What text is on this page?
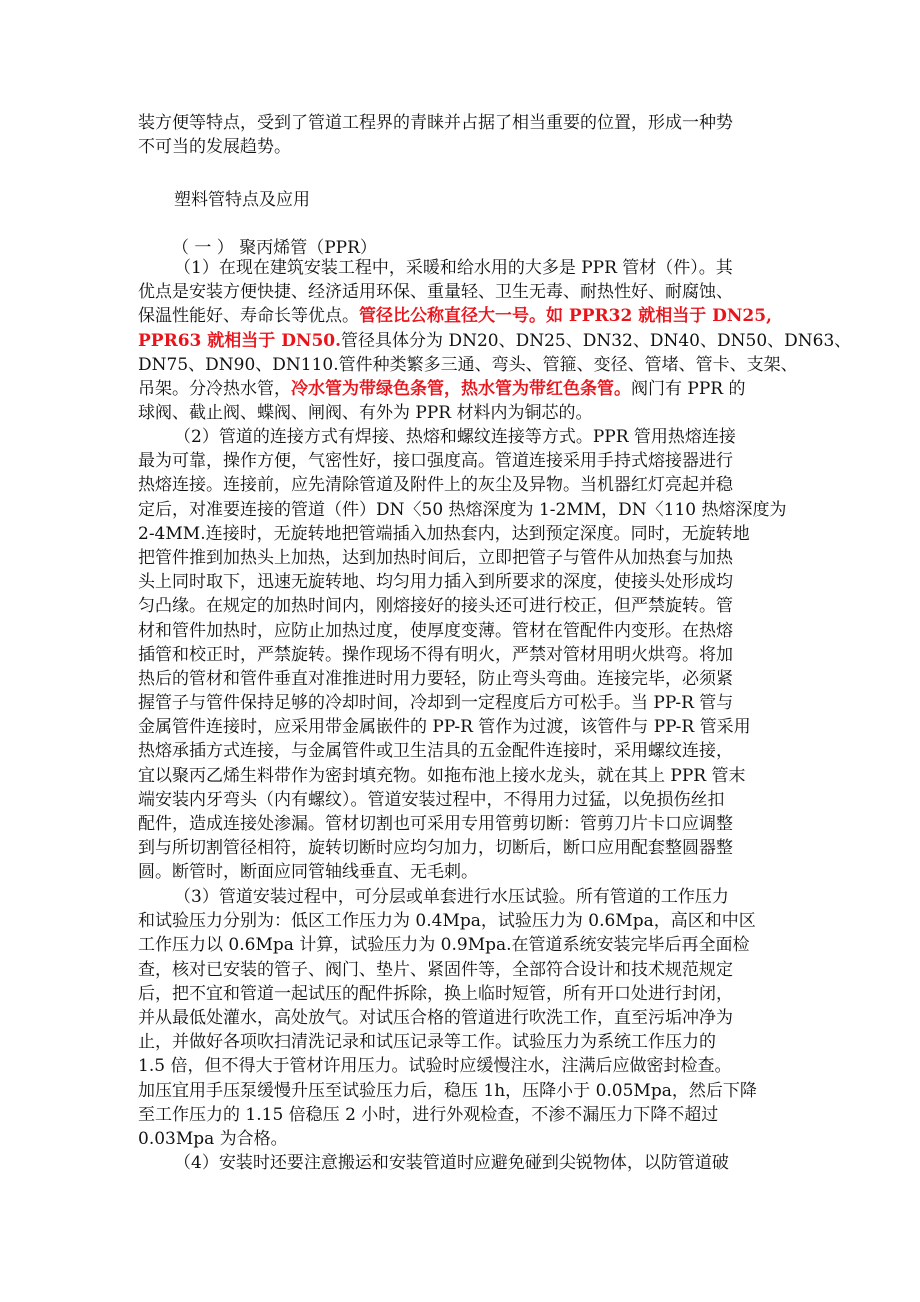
装方便等特点，受到了管道工程界的青睐并占据了相当重要的位置，形成一种势
不可当的发展趋势。
塑料管特点及应用
（ 一 ） 聚丙烯管（PPR）
（1）在现在建筑安装工程中，采暖和给水用的大多是 PPR 管材（件）。其
优点是安装方便快捷、经济适用环保、重量轻、卫生无毒、耐热性好、耐腐蚀、
保温性能好、寿命长等优点。管径比公称直径大一号。如 PPR32 就相当于 DN25,
PPR63 就相当于 DN50.管径具体分为 DN20、DN25、DN32、DN40、DN50、DN63、
DN75、DN90、DN110.管件种类繁多三通、弯头、管箍、变径、管堵、管卡、支架、
吊架。分冷热水管，冷水管为带绿色条管，热水管为带红色条管。阀门有 PPR 的
球阀、截止阀、蝶阀、闸阀、有外为 PPR 材料内为铜芯的。
（2）管道的连接方式有焊接、热熔和螺纹连接等方式。PPR 管用热熔连接
最为可靠，操作方便，气密性好，接口强度高。管道连接采用手持式熔接器进行
热熔连接。连接前，应先清除管道及附件上的灰尘及异物。当机器红灯亮起并稳
定后，对准要连接的管道（件）DN〈50 热熔深度为 1-2MM，DN〈110 热熔深度为
2-4MM.连接时，无旋转地把管端插入加热套内，达到预定深度。同时，无旋转地
把管件推到加热头上加热，达到加热时间后，立即把管子与管件从加热套与加热
头上同时取下，迅速无旋转地、均匀用力插入到所要求的深度，使接头处形成均
匀凸缘。在规定的加热时间内，刚熔接好的接头还可进行校正，但严禁旋转。管
材和管件加热时，应防止加热过度，使厚度变薄。管材在管配件内变形。在热熔
插管和校正时，严禁旋转。操作现场不得有明火，严禁对管材用明火烘弯。将加
热后的管材和管件垂直对准推进时用力要轻，防止弯头弯曲。连接完毕，必须紧
握管子与管件保持足够的冷却时间，冷却到一定程度后方可松手。当 PP-R 管与
金属管件连接时，应采用带金属嵌件的 PP-R 管作为过渡，该管件与 PP-R 管采用
热熔承插方式连接，与金属管件或卫生洁具的五金配件连接时，采用螺纹连接，
宜以聚丙乙烯生料带作为密封填充物。如拖布池上接水龙头，就在其上 PPR 管末
端安装内牙弯头（内有螺纹）。管道安装过程中，不得用力过猛，以免损伤丝扣
配件，造成连接处渗漏。管材切割也可采用专用管剪切断：管剪刀片卡口应调整
到与所切割管径相符，旋转切断时应均匀加力，切断后，断口应用配套整圆器整
圆。断管时，断面应同管轴线垂直、无毛刺。
（3）管道安装过程中，可分层或单套进行水压试验。所有管道的工作压力
和试验压力分别为：低区工作压力为 0.4Mpa，试验压力为 0.6Mpa，高区和中区
工作压力以 0.6Mpa 计算，试验压力为 0.9Mpa.在管道系统安装完毕后再全面检
查，核对已安装的管子、阀门、垫片、紧固件等，全部符合设计和技术规范规定
后，把不宜和管道一起试压的配件拆除，换上临时短管，所有开口处进行封闭，
并从最低处灌水，高处放气。对试压合格的管道进行吹洗工作，直至污垢冲净为
止，并做好各项吹扫清洗记录和试压记录等工作。试验压力为系统工作压力的
1.5 倍，但不得大于管材许用压力。试验时应缓慢注水，注满后应做密封检查。
加压宜用手压泵缓慢升压至试验压力后，稳压 1h，压降小于 0.05Mpa，然后下降
至工作压力的 1.15 倍稳压 2 小时，进行外观检查，不渗不漏压力下降不超过
0.03Mpa 为合格。
（4）安装时还要注意搬运和安装管道时应避免碰到尖锐物体，以防管道破
